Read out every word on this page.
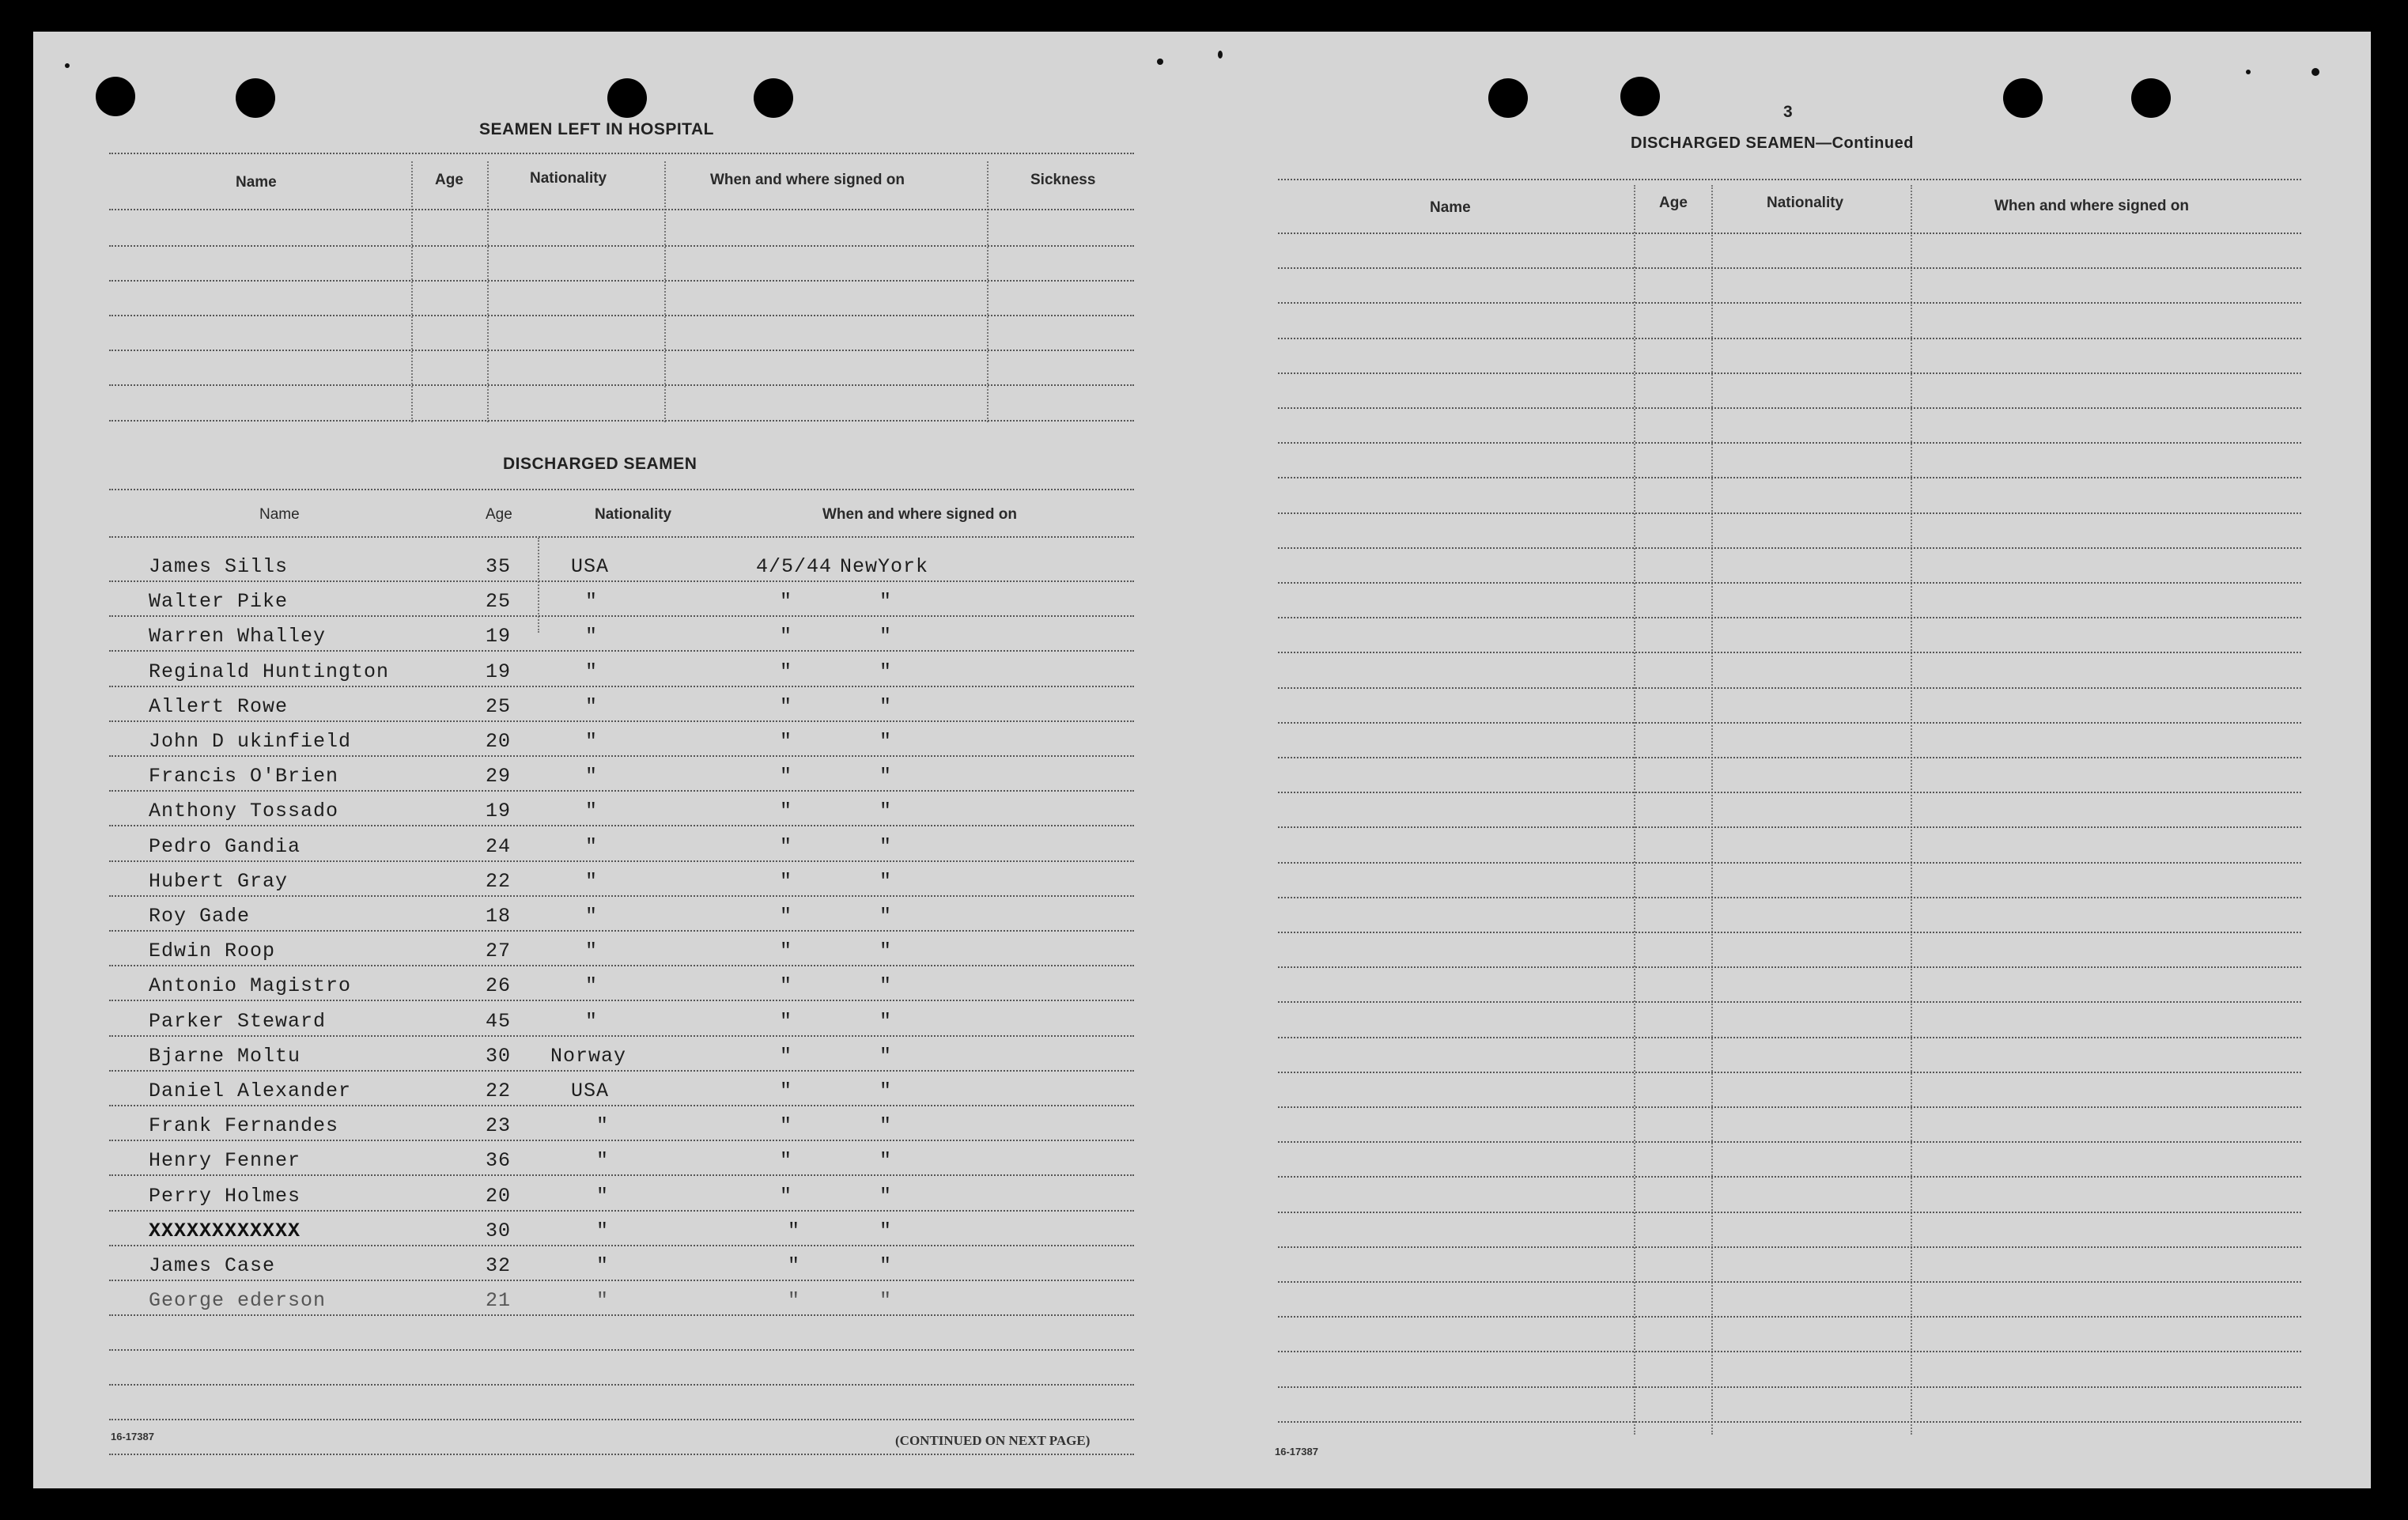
SEAMEN LEFT IN HOSPITAL
Name	Age	Nationality	When and where signed on	Sickness
DISCHARGED SEAMEN
Name	Age	Nationality	When and where signed on
James Sills	35	USA	4/5/44 NewYork
Walter Pike	25	"	"	"
Warren Whalley	19	"	"	"
Reginald Huntington	19	"	"	"
Allert Rowe	25	"	"	"
John D ukinfield	20	"	"	"
Francis O'Brien	29	"	"	"
Anthony Tossado	19	"	"	"
Pedro Gandia	24	"	"	"
Hubert Gray	22	"	"	"
Roy Gade	18	"	"	"
Edwin Roop	27	"	"	"
Antonio Magistro	26	"	"	"
Parker Steward	45	"	"	"
Bjarne Moltu	30 Norway	"	"
Daniel Alexander	22	USA	"	"
Frank Fernandes	23	"	"	"
Henry Fenner	36	"	"	"
Perry Holmes	20	"	"	"
XXXXXXXXXXXX	30	"	"	"
James Case	32	"	"	"
George ederson	21	"	"	"
16-17387	(CONTINUED ON NEXT PAGE)
3
DISCHARGED SEAMEN—Continued
Name	Age	Nationality	When and where signed on
16-17387
